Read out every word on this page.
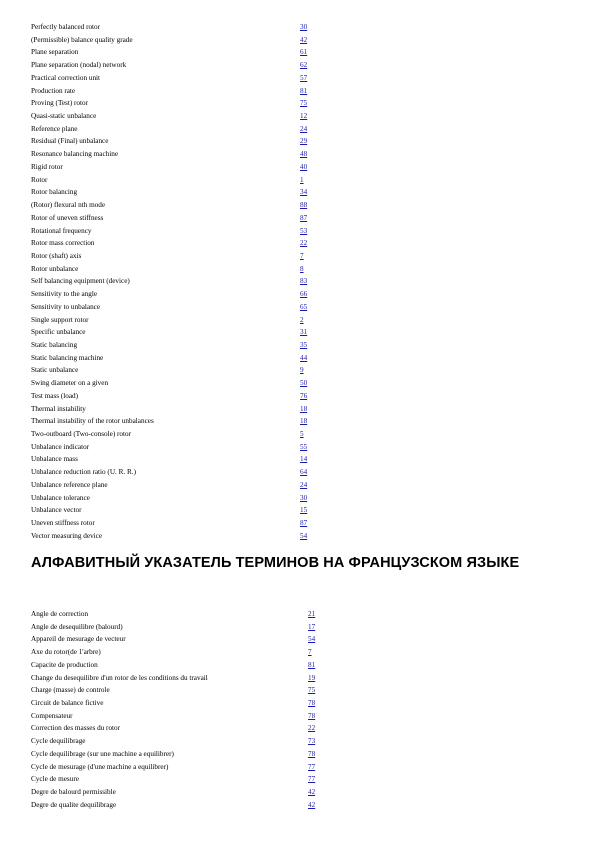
Perfectly balanced rotor	30
(Permissible) balance quality grade	42
Plane separation	61
Plane separation (nodal) network	62
Practical correction unit	57
Production rate	81
Proving (Test) rotor	75
Quasi-static unbalance	12
Reference plane	24
Residual (Final) unbalance	29
Resonance balancing machine	48
Rigid rotor	40
Rotor	1
Rotor balancing	34
(Rotor) flexural nth mode	88
Rotor of uneven stiffness	87
Rotational frequency	53
Rotor mass correction	22
Rotor (shaft) axis	7
Rotor unbalance	8
Self balancing equipment (device)	83
Sensitivity to the angle	66
Sensitivity to unbalance	65
Single support rotor	2
Specific unbalance	31
Static balancing	35
Static balancing machine	44
Static unbalance	9
Swing diameter on a given	50
Test mass (load)	76
Thermal instability	18
Thermal instability of the rotor unbalances	18
Two-outboard (Two-console) rotor	5
Unbalance indicator	55
Unbalance mass	14
Unbalance reduction ratio (U. R. R.)	64
Unbalance reference plane	24
Unbalance tolerance	30
Unbalance vector	15
Uneven stiffness rotor	87
Vector measuring device	54
АЛФАВИТНЫЙ УКАЗАТЕЛЬ ТЕРМИНОВ НА ФРАНЦУЗСКОМ ЯЗЫКЕ
Angle de correction	21
Angle de desequilibre (balourd)	17
Appareil de mesurage de vecteur	54
Axe du rotor(de 1'arbre)	7
Capacite de production	81
Change du desequilibre d'un rotor de les conditions du travail	19
Charge (masse) de controle	75
Circuit de balance fictive	78
Compensateur	78
Correction des masses du rotor	22
Cycle dequilibrage	73
Cycle dequilibrage (sur une machine a equilibrer)	78
Cycle de mesurage (d'une machine a equilibrer)	77
Cycle de mesure	77
Degre de balourd permissible	42
Degre de qualite dequilibrage	42
